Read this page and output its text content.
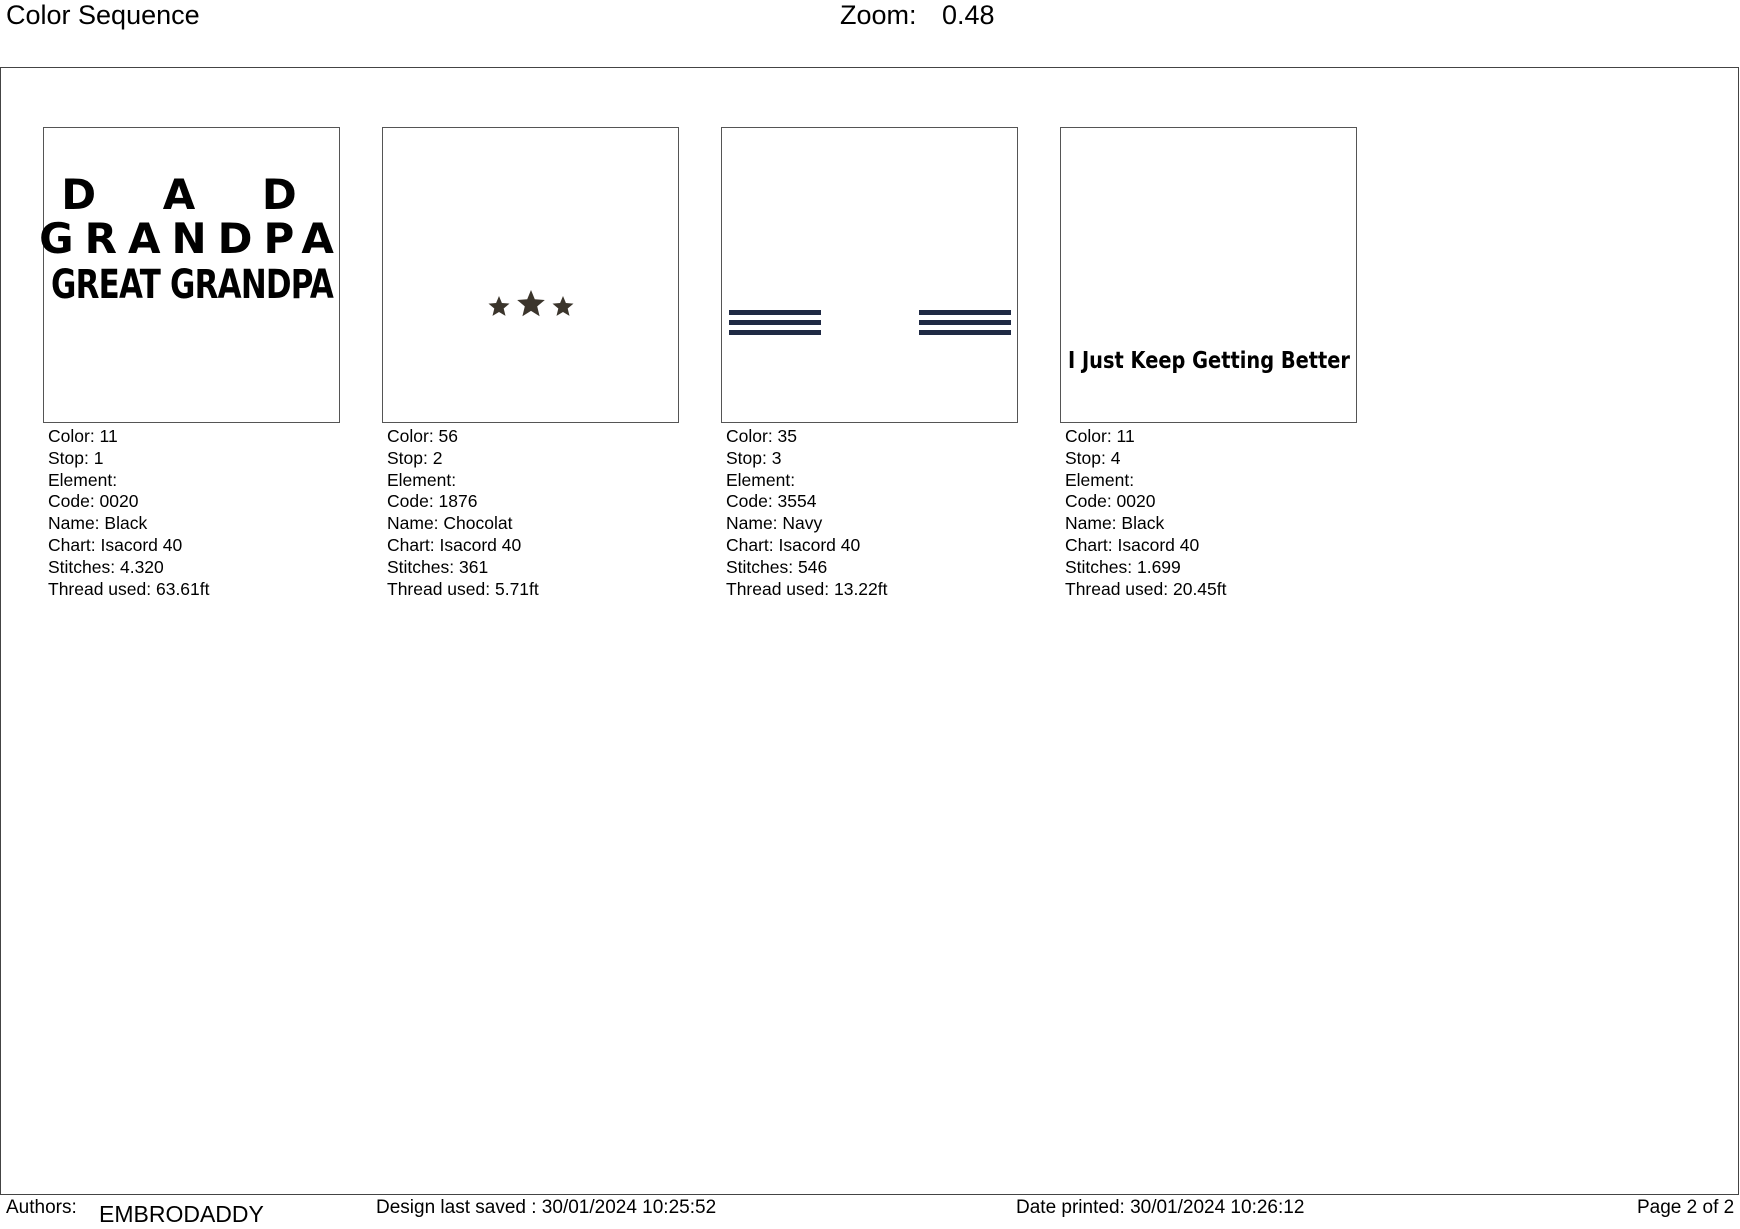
Color Sequence	Zoom: 0.48
D A D
GRANDPA
GREAT GRANDPA
I Just Keep Getting Better
Color: 11
Stop: 1
Element:
Code: 0020
Name: Black
Chart: Isacord 40
Stitches: 4.320
Thread used: 63.61ft
Color: 56
Stop: 2
Element:
Code: 1876
Name: Chocolat
Chart: Isacord 40
Stitches: 361
Thread used: 5.71ft
Color: 35
Stop: 3
Element:
Code: 3554
Name: Navy
Chart: Isacord 40
Stitches: 546
Thread used: 13.22ft
Color: 11
Stop: 4
Element:
Code: 0020
Name: Black
Chart: Isacord 40
Stitches: 1.699
Thread used: 20.45ft
Authors: EMBRODADDY	Design last saved : 30/01/2024 10:25:52	Date printed: 30/01/2024 10:26:12	Page 2 of 2
